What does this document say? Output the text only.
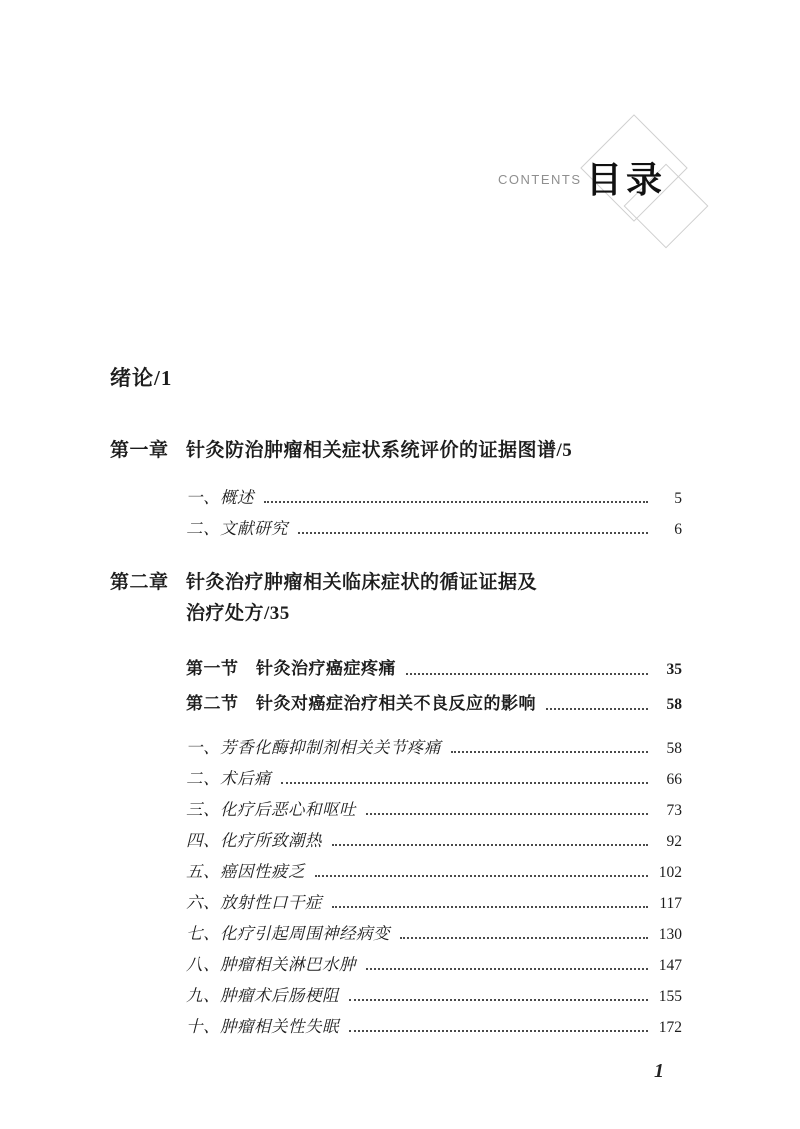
CONTENTS 目录
绪论/1
第一章 针灸防治肿瘤相关症状系统评价的证据图谱/5
一、概述	5
二、文献研究	6
第二章 针灸治疗肿瘤相关临床症状的循证证据及
治疗处方/35
第一节　针灸治疗癌症疼痛	35
第二节　针灸对癌症治疗相关不良反应的影响	58
一、芳香化酶抑制剂相关关节疼痛	58
二、术后痛	66
三、化疗后恶心和呕吐	73
四、化疗所致潮热	92
五、癌因性疲乏	102
六、放射性口干症	117
七、化疗引起周围神经病变	130
八、肿瘤相关淋巴水肿	147
九、肿瘤术后肠梗阻	155
十、肿瘤相关性失眠	172
1
